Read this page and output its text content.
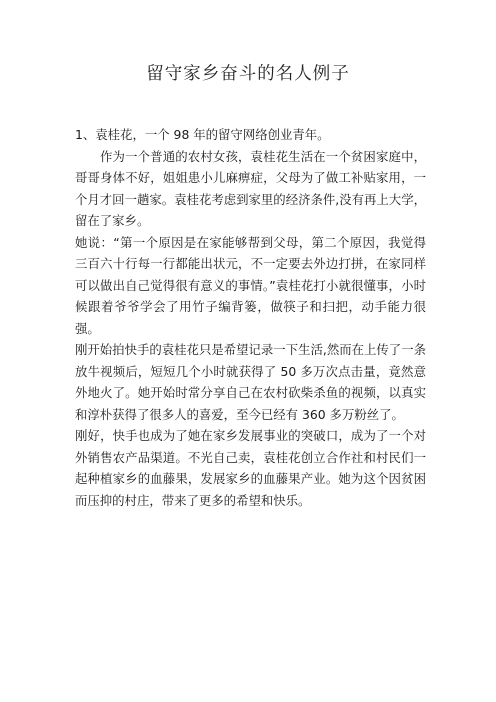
留守家乡奋斗的名人例子

1、袁桂花，一个 98 年的留守网络创业青年。

作为一个普通的农村女孩，袁桂花生活在一个贫困家庭中，哥哥身体不好，姐姐患小儿麻痹症，父母为了做工补贴家用，一个月才回一趟家。袁桂花考虑到家里的经济条件,没有再上大学，留在了家乡。

她说：“第一个原因是在家能够帮到父母，第二个原因，我觉得三百六十行每一行都能出状元，不一定要去外边打拼，在家同样可以做出自己觉得很有意义的事情。”袁桂花打小就很懂事，小时候跟着爷爷学会了用竹子编背篓，做筷子和扫把，动手能力很强。

刚开始拍快手的袁桂花只是希望记录一下生活,然而在上传了一条放牛视频后，短短几个小时就获得了 50 多万次点击量，竟然意外地火了。她开始时常分享自己在农村砍柴杀鱼的视频，以真实和淳朴获得了很多人的喜爱，至今已经有 360 多万粉丝了。

刚好，快手也成为了她在家乡发展事业的突破口，成为了一个对外销售农产品渠道。不光自己卖，袁桂花创立合作社和村民们一起种植家乡的血藤果，发展家乡的血藤果产业。她为这个因贫困而压抑的村庄，带来了更多的希望和快乐。
